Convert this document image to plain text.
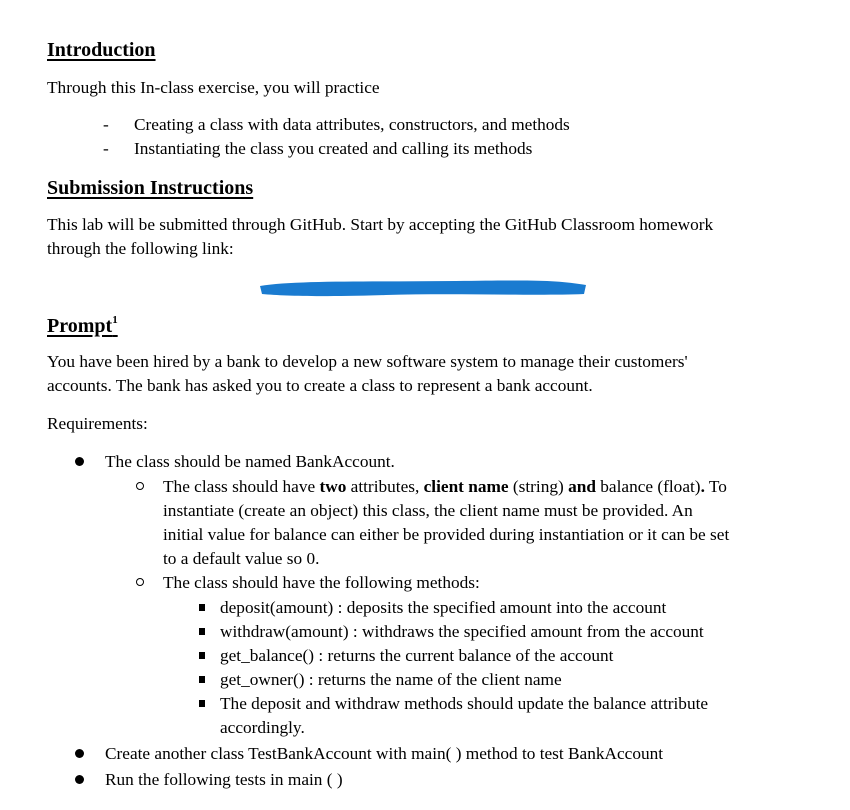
Introduction
Through this In-class exercise, you will practice
- Creating a class with data attributes, constructors, and methods
- Instantiating the class you created and calling its methods
Submission Instructions
This lab will be submitted through GitHub. Start by accepting the GitHub Classroom homework
through the following link:
Prompt$^1$
You have been hired by a bank to develop a new software system to manage their customers'
accounts. The bank has asked you to create a class to represent a bank account.
Requirements:
The class should be named BankAccount.
The class should have two attributes, client name (string) and balance (float). To
instantiate (create an object) this class, the client name must be provided. An
initial value for balance can either be provided during instantiation or it can be set
to a default value so 0.
The class should have the following methods:
deposit(amount) : deposits the specified amount into the account
withdraw(amount) : withdraws the specified amount from the account
get_balance() : returns the current balance of the account
get_owner() : returns the name of the client name
The deposit and withdraw methods should update the balance attribute
accordingly.
Create another class TestBankAccount with main( ) method to test BankAccount
Run the following tests in main ( )
